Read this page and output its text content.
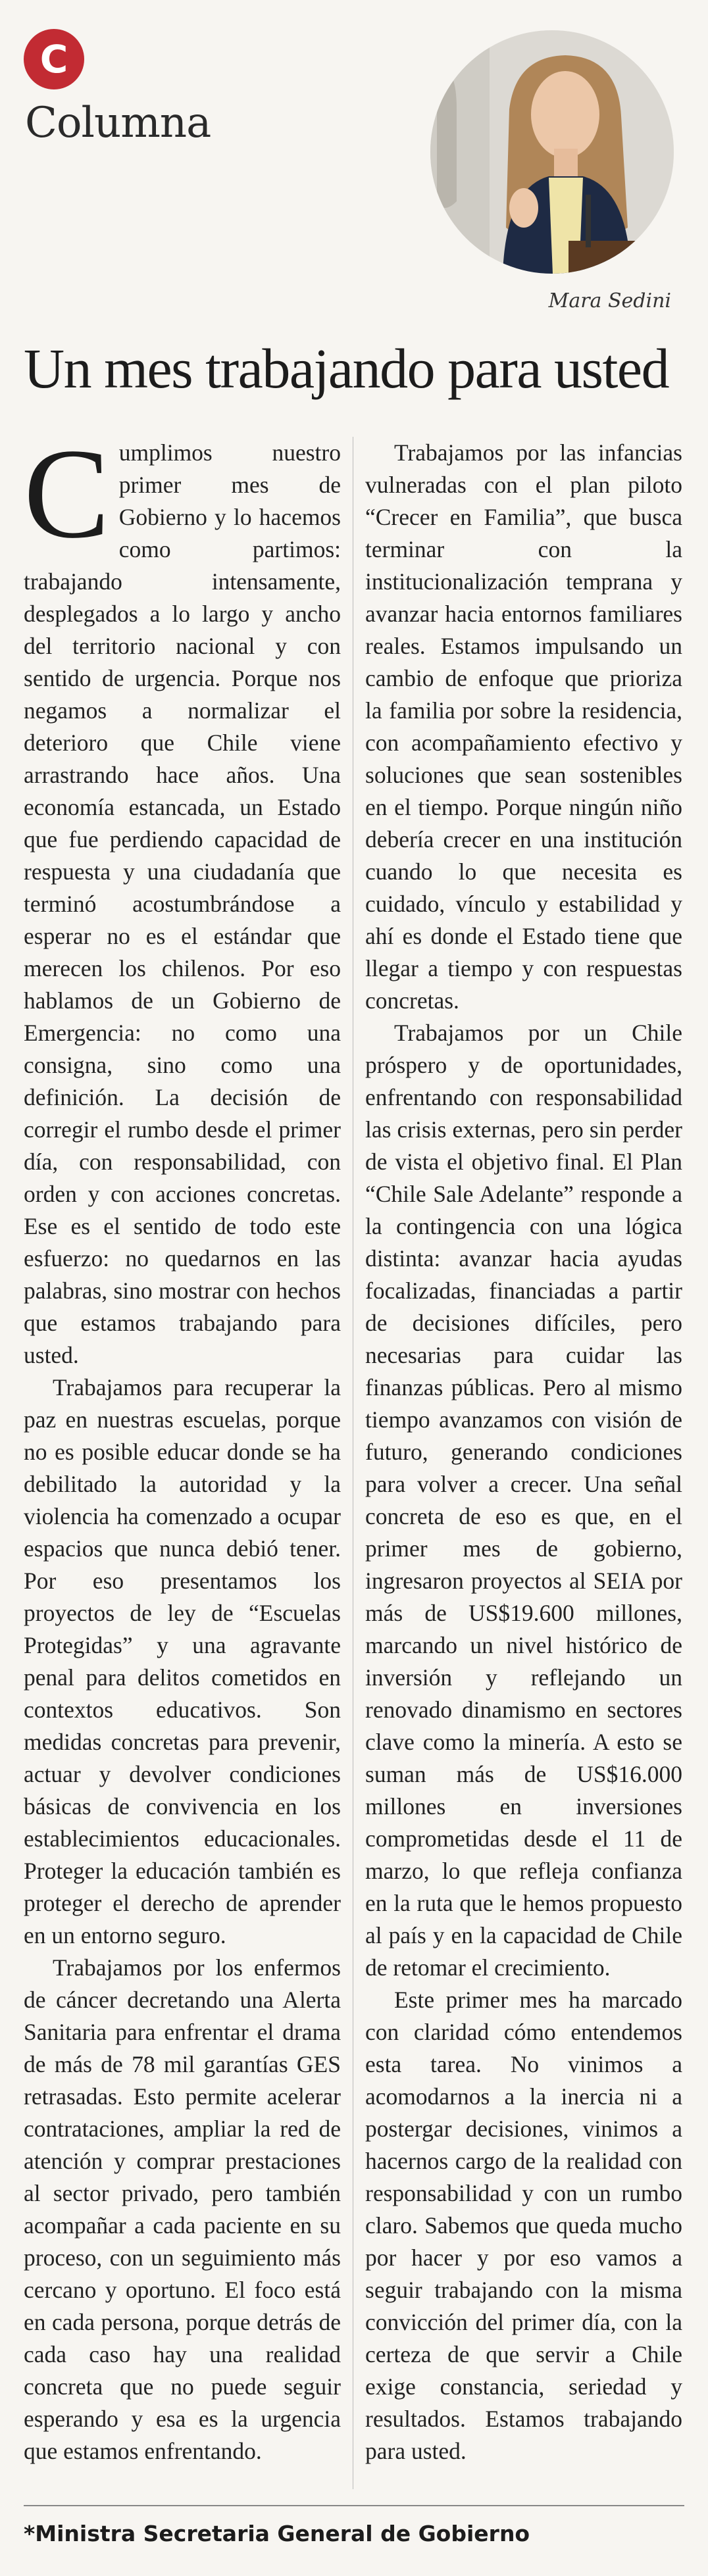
C
Columna
Mara Sedini
Un mes trabajando para usted

Cumplimos nuestro primer mes de Gobierno y lo hacemos como partimos: trabajando intensamente, desplegados a lo largo y ancho del territorio nacional y con sentido de urgencia. Porque nos negamos a normalizar el deterioro que Chile viene arrastrando hace años. Una economía estancada, un Estado que fue perdiendo capacidad de respuesta y una ciudadanía que terminó acostumbrándose a esperar no es el estándar que merecen los chilenos. Por eso hablamos de un Gobierno de Emergencia: no como una consigna, sino como una definición. La decisión de corregir el rumbo desde el primer día, con responsabilidad, con orden y con acciones concretas. Ese es el sentido de todo este esfuerzo: no quedarnos en las palabras, sino mostrar con hechos que estamos trabajando para usted.

Trabajamos para recuperar la paz en nuestras escuelas, porque no es posible educar donde se ha debilitado la autoridad y la violencia ha comenzado a ocupar espacios que nunca debió tener. Por eso presentamos los proyectos de ley de “Escuelas Protegidas” y una agravante penal para delitos cometidos en contextos educativos. Son medidas concretas para prevenir, actuar y devolver condiciones básicas de convivencia en los establecimientos educacionales. Proteger la educación también es proteger el derecho de aprender en un entorno seguro.

Trabajamos por los enfermos de cáncer decretando una Alerta Sanitaria para enfrentar el drama de más de 78 mil garantías GES retrasadas. Esto permite acelerar contrataciones, ampliar la red de atención y comprar prestaciones al sector privado, pero también acompañar a cada paciente en su proceso, con un seguimiento más cercano y oportuno. El foco está en cada persona, porque detrás de cada caso hay una realidad concreta que no puede seguir esperando y esa es la urgencia que estamos enfrentando.

Trabajamos por las infancias vulneradas con el plan piloto “Crecer en Familia”, que busca terminar con la institucionalización temprana y avanzar hacia entornos familiares reales. Estamos impulsando un cambio de enfoque que prioriza la familia por sobre la residencia, con acompañamiento efectivo y soluciones que sean sostenibles en el tiempo. Porque ningún niño debería crecer en una institución cuando lo que necesita es cuidado, vínculo y estabilidad y ahí es donde el Estado tiene que llegar a tiempo y con respuestas concretas.

Trabajamos por un Chile próspero y de oportunidades, enfrentando con responsabilidad las crisis externas, pero sin perder de vista el objetivo final. El Plan “Chile Sale Adelante” responde a la contingencia con una lógica distinta: avanzar hacia ayudas focalizadas, financiadas a partir de decisiones difíciles, pero necesarias para cuidar las finanzas públicas. Pero al mismo tiempo avanzamos con visión de futuro, generando condiciones para volver a crecer. Una señal concreta de eso es que, en el primer mes de gobierno, ingresaron proyectos al SEIA por más de US$19.600 millones, marcando un nivel histórico de inversión y reflejando un renovado dinamismo en sectores clave como la minería. A esto se suman más de US$16.000 millones en inversiones comprometidas desde el 11 de marzo, lo que refleja confianza en la ruta que le hemos propuesto al país y en la capacidad de Chile de retomar el crecimiento.

Este primer mes ha marcado con claridad cómo entendemos esta tarea. No vinimos a acomodarnos a la inercia ni a postergar decisiones, vinimos a hacernos cargo de la realidad con responsabilidad y con un rumbo claro. Sabemos que queda mucho por hacer y por eso vamos a seguir trabajando con la misma convicción del primer día, con la certeza de que servir a Chile exige constancia, seriedad y resultados. Estamos trabajando para usted.

*Ministra Secretaria General de Gobierno
